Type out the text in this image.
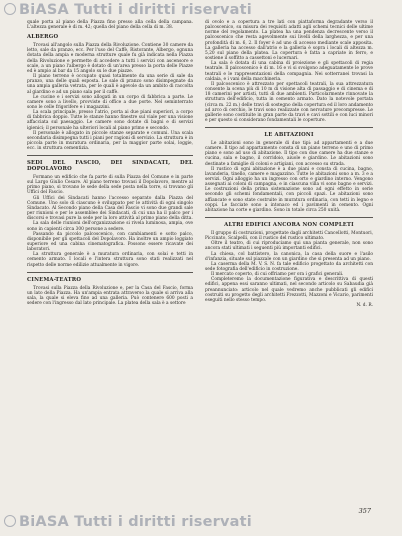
quale porta al piano della Piazza fino presso alla cella della campana. L'altezza generale è di m. 42; quella del piano della cella di m. 38.

ALBERGO

Trovasi all'angolo sulla Piazza della Rivoluzione. Contiene 30 camere da letto, sale da pranzo, ecc. Per l'uso del Caffè, Ristorante, Albergo, ognuna dotata della ampia e moderna strutture quale fu già indicata nella Piazza della Rivoluzione e permette di accedere a tutti i servizi con ascensore e scale, a un piano l'albergo è dotato di un'area presso la porta delle Piazze ed è ampio al bar da 15 angolo su le due piazze.

Il piano terreno è occupato quasi totalmente da una serie di sale da pranzo, una delle quali esposta. Le sale di pranzo sono disimpegnate da una ampia galleria vetrata, per le quali è agevole da un ambito di raccolta al giardino e ad un piano sala per il caffè.

Le cucine e i servizi sono allogati in un corpo di fabbrica a parte. Le camere sono a livello, provviste di office a due porte. Nel seminterrato sono le celle frigorifere e i magazzini.

La scala principale, presso l'atrio, porta ai due piani superiori, a corpo di fabbrica doppio. Tutte le stanze hanno finestre sul viale per una visione affacciata sul paesaggio. Le camere sono dotate di bagni e di servizi igienici; il personale ha ulteriori locali al piano primo e secondo.

Il personale è allogato in piccole stanze separate e comuni. Una scala secondaria disimpegna tutti i piani per ragioni di servizio. La struttura è in piccola parte in muratura ordinaria, per la maggior parte solai, loggie, ecc. in struttura cementizia.

SEDI DEL FASCIO, DEI SINDACATI, DEL DOPOLAVORO

Formano un edificio che fa parte di sulla Piazza del Comune e in parte sul Largo Giulio Cesare. Al piano terreno trovasi il Dopolavoro, mentre al primo piano, si trovano le sede della sede posta nella torre, si trovano gli Uffici del Fascio.

Gli Uffici dei Sindacati hanno l'accesso separato dalla Piazza del Comune. Uno solo di ciascuno è sviluppato per le attività di ogni singolo Sindacato. Al Secondo piano della Casa del Fascio vi sono due grandi sale per riunioni e per le assemblee dei Sindacati, di cui una ha il palco per i discorsi e trovasi pure la sede per la loro attività al primo piano della ditta.

La sala delle riunioni dell'organizzazione si rivela luminosa, ampia, ove sono in capienti circa 300 persone a sedere.

Passando da piccolo palcoscenico, con cambiamenti e sotto palco, disponibile per gli spettacoli del Dopolavoro. Ha inoltre un ampio loggiato superiore ed una cabina cinematografica. Possono essere ricavate dei laboratori.

La struttura generale è a muratura ordinaria, con solai e tetti in cemento armato. I locali e l'intera struttura sono stati realizzati nel rispetto delle norme edilizie attualmente in vigore.

CINEMA-TEATRO

Trovasi sulla Piazza della Rivoluzione e, per la Casa del Fascio, forma un lato della Piazza. Ha un'ampia entrata attraverso la quale si arriva alla sala, la quale si eleva fino ad una galleria. Può contenere 600 posti a sedere con l'ingresso dal lato principale. La platea della sala è a settore

di ovolo e a copertura a tre lati con piattaforma degradante verso il palcoscenico, su misura dei requisiti adatti agli schemi tecnici delle ultime norme del regolamento. La platea ha una pendenza decrescente verso il palcoscenico che resta agevolmente sui livelli della larghezza, e per una profondità di m. 6, 2. Il foyer è ad uno di accesso mediante scale apposita. La galleria ha accesso dall'atrio e la galleria è sopra i locali di altezza m. 5,20 sul piano della platea. La copertura è fatta a capriate in ferro, e sostiene il soffitto a cassettoni e lucernari.

La sala è dotata di una cabina di proiezione e gli spettacoli di regia teatrale. Il palcoscenico è di m. 16 e vi si svolgono adeguatamente le prove teatrali e le rappresentazioni della compagnia. Nei sotterranei trovasi la caldaia, e i vani della macchineria.

Il palcoscenico è attrezzato per spettacoli teatrali, la sua attrezzatura consente la scena più di 10 m di visione alta di passaggio e di cinema e di 18 camerini per artisti, tutti di due ambienti. Particolarmente rinnovate la struttura dell'edificio, tutta in cemento armato. Dato la notevole portata (circa m. 22 m.) delle travi di sostegno della copertura ed il loro andamento ad arco di cerchio, le travi sono realizzate con nervature precompresse. Le gallerie sono costituite in gran parte da travi e cavi sottili e con luci minori e per questo si considerano fondamentali le coperture.

LE ABITAZIONI

Le abitazioni sono in generale di due tipi: ad appartamenti e a due camere. Il tipo ad appartamento consta di un piano terreno e uno di primo piano e sono ad uso di abitazione. Il tipo con due camere ha due stanze e cucina, sala e bagno, il corridoio, aiuole e giardino. Le abitazioni sono destinate a famiglie di coloni e artigiani, con accesso su strada.

Il rustico di ogni abitazione è a due piani e consta di cucina, bagno, lavanderia, tinello, camere e magazzino. Tutte le abitazioni sono a m. 3 e a servizi. Ogni alloggio ha un ingresso con orto e giardino interno. Vengono assegnati ai coloni di campagna, e in ciascuna villa vi sono bagno e servizi. Le costruzioni della prima sistemazione sono ad ogni effetto in serie secondo gli schemi fondamentali, con piccoli spazi. Le abitazioni sono affiancate e sono state costruite in muratura ordinaria, con tetti in legno e coppi. Le facciate sono a intonaco ed i pavimenti in cemento. Ogni abitazione ha corte e giardino. Sono in totale circa 250 unità.

ALTRI EDIFICI ANCORA NON COMPLETI

Il gruppo di costruzioni, progettate dagli architetti Cancellotti, Montuori, Piccinato, Scalpelli, con il rustico del rustico ultimato.

Oltre il teatro, di cui riproduciamo qui una pianta generale, non sono ancora stati ultimati i seguenti più importanti edifici.

La chiesa, col battistero, la canonica, la casa della suore e l'asilo d'infanzia, situate sul piazzale con un giardino che si presenta ad un piano.

La caserma della M. V. S. N. fa tale edificio progettato da architetti con sede fotografia dell'edificio in costruzione.

Il mercato coperto, di cui offriamo per ora i grafici generali.

Completeremo la documentazione figurativa e descrittiva di questi edifici, appena essi saranno ultimati, nel secondo articolo su Sabaudia già preannunciato: articolo nel quale vedremo anche pubblicati gli edifici costruiti su progetto degli architetti Frezzotti, Mazzoni e Vicario, parimenti eseguiti nello stesso tempo.

N. d. R.

357
BiASA Tutti i diritti riservati
BiASA Tutti i diritti riservati
